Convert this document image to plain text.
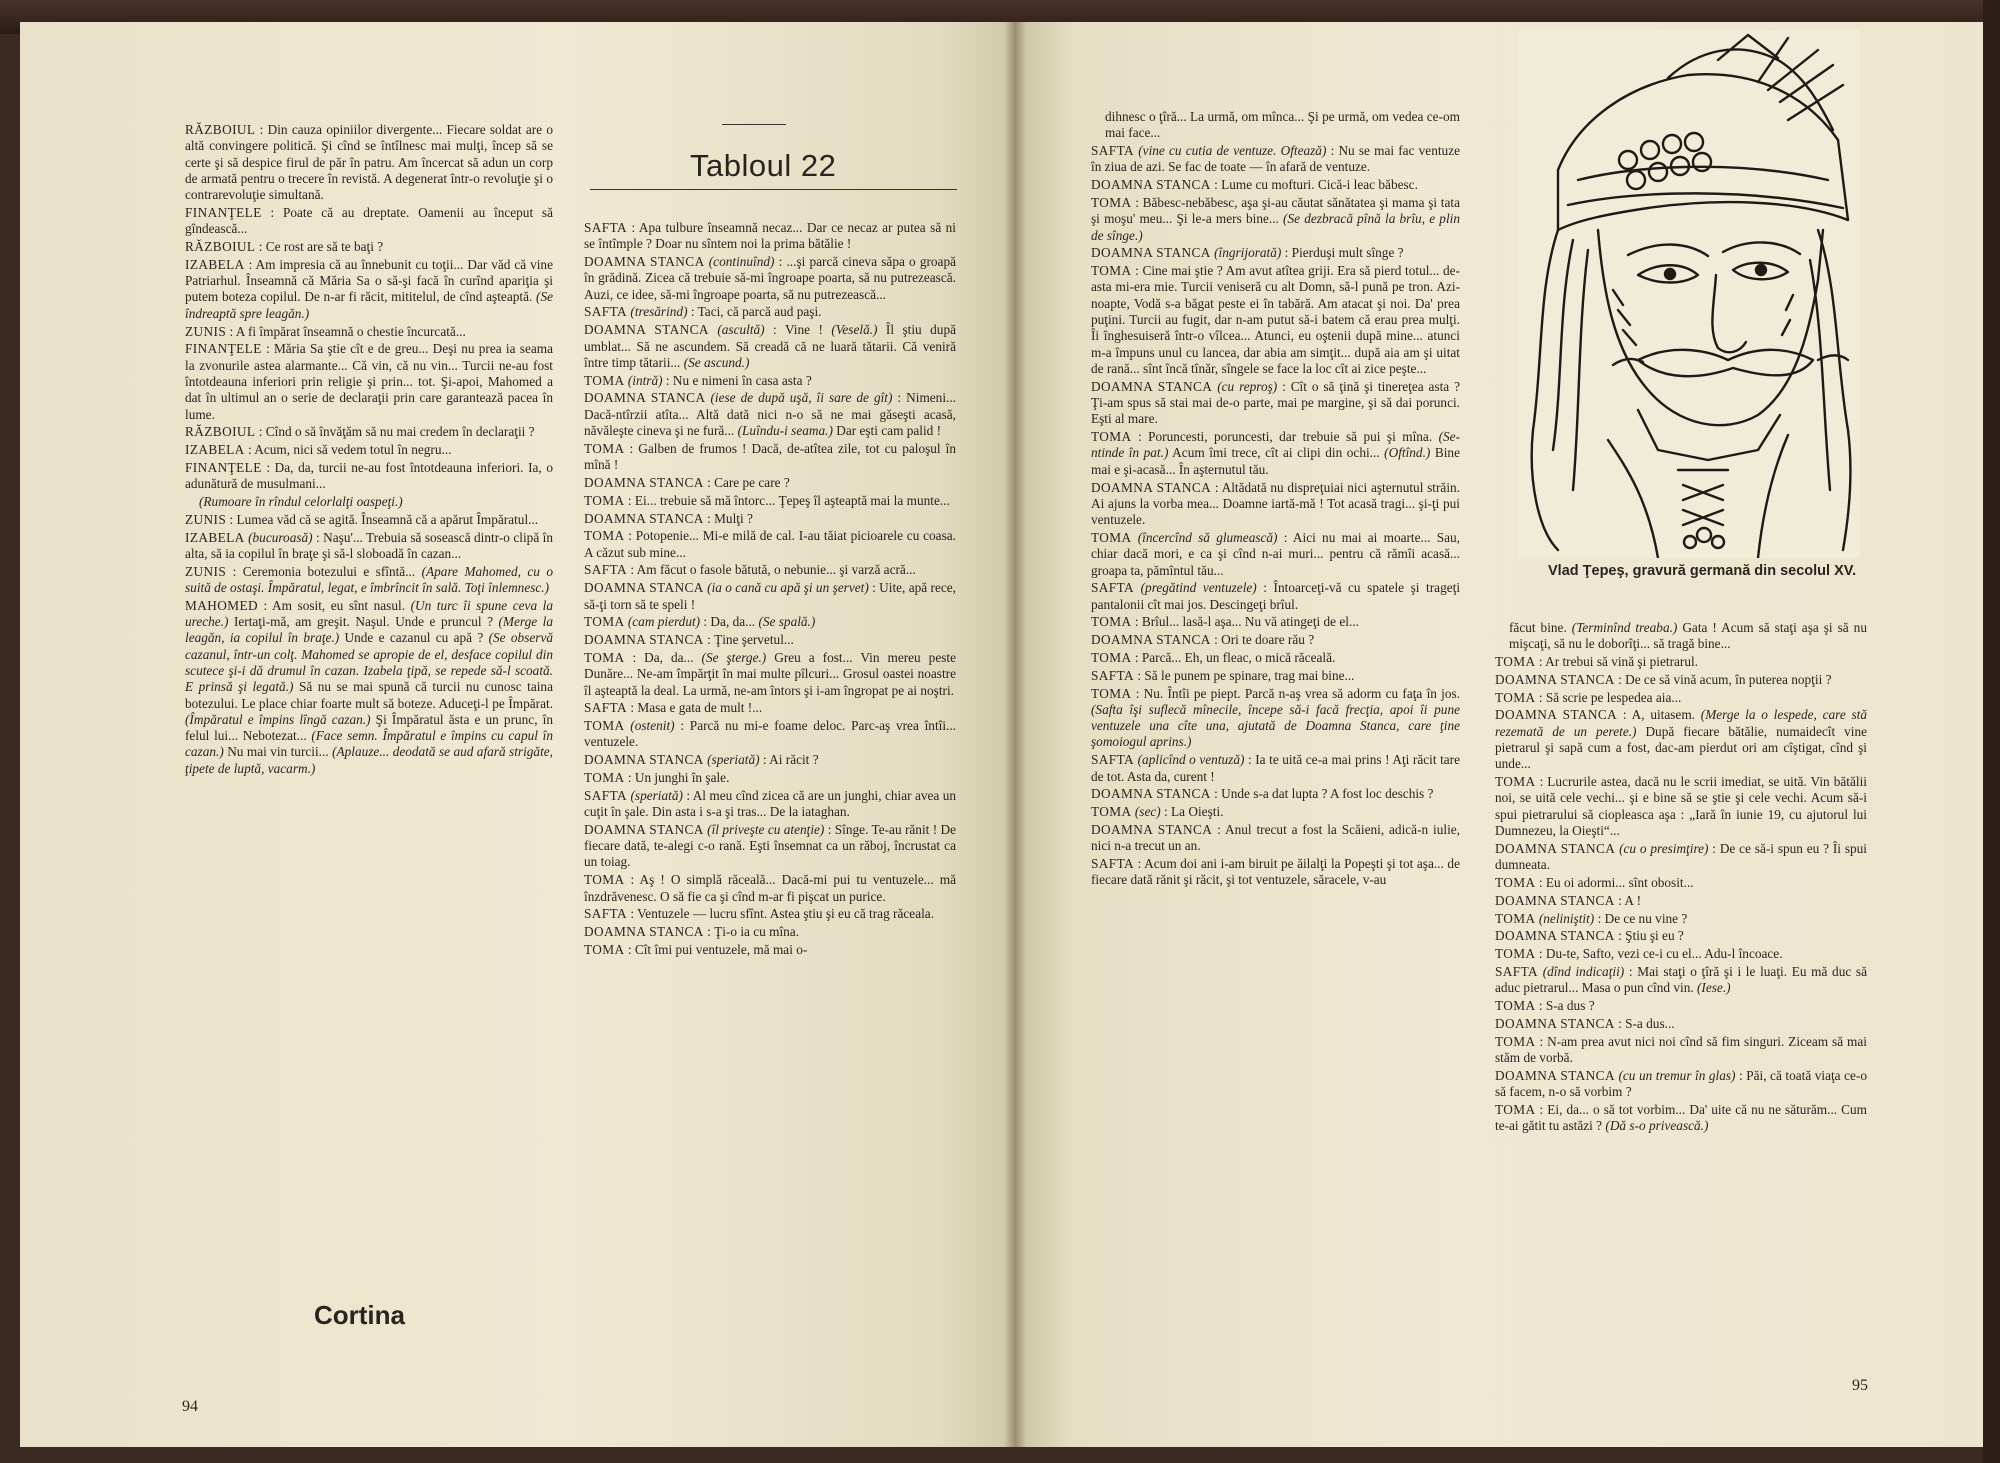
RĂZBOIUL : Din cauza opiniilor divergente... Fiecare soldat are o altă convingere politică. Şi cînd se întîlnesc mai mulţi, încep să se certe şi să despice firul de păr în patru. Am încercat să adun un corp de armată pentru o trecere în revistă. A degenerat într-o revoluţie şi o contrarevoluţie simultană.

FINANŢELE : Poate că au dreptate. Oamenii au început să gîndească...

RĂZBOIUL : Ce rost are să te baţi ?

IZABELA : Am impresia că au înnebunit cu toţii... Dar văd că vine Patriarhul. Înseamnă că Măria Sa o să-şi facă în curînd apariţia şi putem boteza copilul. De n-ar fi răcit, mititelul, de cînd aşteaptă. (Se îndreaptă spre leagăn.)

ZUNIS : A fi împărat înseamnă o chestie încurcată...

FINANŢELE : Măria Sa ştie cît e de greu... Deşi nu prea ia seama la zvonurile astea alarmante... Că vin, că nu vin... Turcii ne-au fost întotdeauna inferiori prin religie şi prin... tot. Şi-apoi, Mahomed a dat în ultimul an o serie de declaraţii prin care garantează pacea în lume.

RĂZBOIUL : Cînd o să învăţăm să nu mai credem în declaraţii ?

IZABELA : Acum, nici să vedem totul în negru...

FINANŢELE : Da, da, turcii ne-au fost întotdeauna inferiori. Ia, o adunătură de musulmani...

(Rumoare în rîndul celorlalţi oaspeţi.)

ZUNIS : Lumea văd că se agită. Înseamnă că a apărut Împăratul...

IZABELA (bucuroasă) : Naşu'... Trebuia să sosească dintr-o clipă în alta, să ia copilul în braţe şi să-l sloboadă în cazan...

ZUNIS : Ceremonia botezului e sfîntă... (Apare Mahomed, cu o suită de ostaşi. Împăratul, legat, e îmbrîncit în sală. Toţi înlemnesc.)

MAHOMED : Am sosit, eu sînt nasul. (Un turc îi spune ceva la ureche.) Iertaţi-mă, am greşit. Naşul. Unde e pruncul ? (Merge la leagăn, ia copilul în braţe.) Unde e cazanul cu apă ? (Se observă cazanul, într-un colţ. Mahomed se apropie de el, desface copilul din scutece şi-i dă drumul în cazan. Izabela ţipă, se repede să-l scoată. E prinsă şi legată.) Să nu se mai spună că turcii nu cunosc taina botezului. Le place chiar foarte mult să boteze. Aduceţi-l pe Împărat. (Împăratul e împins lîngă cazan.) Şi Împăratul ăsta e un prunc, în felul lui... Nebotezat... (Face semn. Împăratul e împins cu capul în cazan.) Nu mai vin turcii... (Aplauze... deodată se aud afară strigăte, ţipete de luptă, vacarm.)

Cortina
Tabloul 22

SAFTA : Apa tulbure înseamnă necaz... Dar ce necaz ar putea să ni se întîmple ? Doar nu sîntem noi la prima bătălie !

DOAMNA STANCA (continuînd) : ...şi parcă cineva săpa o groapă în grădină. Zicea că trebuie să-mi îngroape poarta, să nu putrezească. Auzi, ce idee, să-mi îngroape poarta, să nu putrezească...

SAFTA (tresărind) : Taci, că parcă aud paşi.

DOAMNA STANCA (ascultă) : Vine ! (Veselă.) Îl ştiu după umblat... Să ne ascundem. Să creadă că ne luară tătarii. Că veniră între timp tătarii... (Se ascund.)

TOMA (intră) : Nu e nimeni în casa asta ?

DOAMNA STANCA (iese de după uşă, îi sare de gît) : Nimeni... Dacă-ntîrzii atîta... Altă dată nici n-o să ne mai găseşti acasă, năvăleşte cineva şi ne fură... (Luîndu-i seama.) Dar eşti cam palid !

TOMA : Galben de frumos ! Dacă, de-atîtea zile, tot cu paloşul în mînă !

DOAMNA STANCA : Care pe care ?

TOMA : Ei... trebuie să mă întorc... Ţepeş îl aşteaptă mai la munte...

DOAMNA STANCA : Mulţi ?

TOMA : Potopenie... Mi-e milă de cal. I-au tăiat picioarele cu coasa. A căzut sub mine...

SAFTA : Am făcut o fasole bătută, o nebunie... şi varză acră...

DOAMNA STANCA (ia o cană cu apă şi un şervet) : Uite, apă rece, să-ţi torn să te speli !

TOMA (cam pierdut) : Da, da... (Se spală.)

DOAMNA STANCA : Ţine şervetul...

TOMA : Da, da... (Se şterge.) Greu a fost... Vin mereu peste Dunăre... Ne-am împărţit în mai multe pîlcuri... Grosul oastei noastre îl aşteaptă la deal. La urmă, ne-am întors şi i-am îngropat pe ai noştri.

SAFTA : Masa e gata de mult !...

TOMA (ostenit) : Parcă nu mi-e foame deloc. Parc-aş vrea întîi... ventuzele.

DOAMNA STANCA (speriată) : Ai răcit ?

TOMA : Un junghi în şale.

SAFTA (speriată) : Al meu cînd zicea că are un junghi, chiar avea un cuţit în şale. Din asta i s-a şi tras... De la iataghan.

DOAMNA STANCA (îl priveşte cu atenţie) : Sînge. Te-au rănit ! De fiecare dată, te-alegi c-o rană. Eşti însemnat ca un răboj, încrustat ca un toiag.

TOMA : Aş ! O simplă răceală... Dacă-mi pui tu ventuzele... mă înzdrăvenesc. O să fie ca şi cînd m-ar fi pişcat un purice.

SAFTA : Ventuzele — lucru sfînt. Astea ştiu şi eu că trag răceala.

DOAMNA STANCA : Ţi-o ia cu mîna.

TOMA : Cît îmi pui ventuzele, mă mai o-

94

dihnesc o ţîră... La urmă, om mînca... Şi pe urmă, om vedea ce-om mai face...

SAFTA (vine cu cutia de ventuze. Oftează) : Nu se mai fac ventuze în ziua de azi. Se fac de toate — în afară de ventuze.

DOAMNA STANCA : Lume cu mofturi. Cică-i leac băbesc.

TOMA : Băbesc-nebăbesc, aşa şi-au căutat sănătatea şi mama şi tata şi moşu' meu... Şi le-a mers bine... (Se dezbracă pînă la brîu, e plin de sînge.)

DOAMNA STANCA (îngrijorată) : Pierduşi mult sînge ?

TOMA : Cine mai ştie ? Am avut atîtea griji. Era să pierd totul... de-asta mi-era mie. Turcii veniseră cu alt Domn, să-l pună pe tron. Azi-noapte, Vodă s-a băgat peste ei în tabără. Am atacat şi noi. Da' prea puţini. Turcii au fugit, dar n-am putut să-i batem că erau prea mulţi. Îi înghesuiseră într-o vîlcea... Atunci, eu oştenii după mine... atunci m-a împuns unul cu lancea, dar abia am simţit... după aia am şi uitat de rană... sînt încă tînăr, sîngele se face la loc cît ai zice peşte...

DOAMNA STANCA (cu reproş) : Cît o să ţină şi tinereţea asta ? Ţi-am spus să stai mai de-o parte, mai pe margine, şi să dai porunci. Eşti al mare.

TOMA : Poruncesti, poruncesti, dar trebuie să pui şi mîna. (Se-ntinde în pat.) Acum îmi trece, cît ai clipi din ochi... (Oftînd.) Bine mai e şi-acasă... În aşternutul tău.

DOAMNA STANCA : Altădată nu dispreţuiai nici aşternutul străin. Ai ajuns la vorba mea... Doamne iartă-mă ! Tot acasă tragi... şi-ţi pui ventuzele.

TOMA (încercînd să glumească) : Aici nu mai ai moarte... Sau, chiar dacă mori, e ca şi cînd n-ai muri... pentru că rămîi acasă... groapa ta, pămîntul tău...

SAFTA (pregătind ventuzele) : Întoarceţi-vă cu spatele şi trageţi pantalonii cît mai jos. Descingeţi brîul.

TOMA : Brîul... lasă-l aşa... Nu vă atingeţi de el...

DOAMNA STANCA : Ori te doare rău ?

TOMA : Parcă... Eh, un fleac, o mică răceală.

SAFTA : Să le punem pe spinare, trag mai bine...

TOMA : Nu. Întîi pe piept. Parcă n-aş vrea să adorm cu faţa în jos. (Safta îşi suflecă mînecile, începe să-i facă frecţia, apoi îi pune ventuzele una cîte una, ajutată de Doamna Stanca, care ţine şomoiogul aprins.)

SAFTA (aplicînd o ventuză) : Ia te uită ce-a mai prins ! Aţi răcit tare de tot. Asta da, curent !

DOAMNA STANCA : Unde s-a dat lupta ? A fost loc deschis ?

TOMA (sec) : La Oieşti.

DOAMNA STANCA : Anul trecut a fost la Scăieni, adică-n iulie, nici n-a trecut un an.

SAFTA : Acum doi ani i-am biruit pe ăilalţi la Popeşti şi tot aşa... de fiecare dată rănit şi răcit, şi tot ventuzele, săracele, v-au

Vlad Ţepeş, gravură germană din secolul XV.

făcut bine. (Terminînd treaba.) Gata ! Acum să staţi aşa şi să nu mişcaţi, să nu le doborîţi... să tragă bine...

TOMA : Ar trebui să vină şi pietrarul.

DOAMNA STANCA : De ce să vină acum, în puterea nopţii ?

TOMA : Să scrie pe lespedea aia...

DOAMNA STANCA : A, uitasem. (Merge la o lespede, care stă rezemată de un perete.) După fiecare bătălie, numaidecît vine pietrarul şi sapă cum a fost, dac-am pierdut ori am cîştigat, cînd şi unde...

TOMA : Lucrurile astea, dacă nu le scrii imediat, se uită. Vin bătălii noi, se uită cele vechi... şi e bine să se ştie şi cele vechi. Acum să-i spui pietrarului să ciopleasca aşa : „Iară în iunie 19, cu ajutorul lui Dumnezeu, la Oieşti“...

DOAMNA STANCA (cu o presimţire) : De ce să-i spun eu ? Îi spui dumneata.

TOMA : Eu oi adormi... sînt obosit...

DOAMNA STANCA : A !

TOMA (neliniştit) : De ce nu vine ?

DOAMNA STANCA : Ştiu şi eu ?

TOMA : Du-te, Safto, vezi ce-i cu el... Adu-l încoace.

SAFTA (dînd indicaţii) : Mai staţi o ţîră şi i le luaţi. Eu mă duc să aduc pietrarul... Masa o pun cînd vin. (Iese.)

TOMA : S-a dus ?

DOAMNA STANCA : S-a dus...

TOMA : N-am prea avut nici noi cînd să fim singuri. Ziceam să mai stăm de vorbă.

DOAMNA STANCA (cu un tremur în glas) : Păi, că toată viaţa ce-o să facem, n-o să vorbim ?

TOMA : Ei, da... o să tot vorbim... Da' uite că nu ne săturăm... Cum te-ai gătit tu astăzi ? (Dă s-o privească.)

95
